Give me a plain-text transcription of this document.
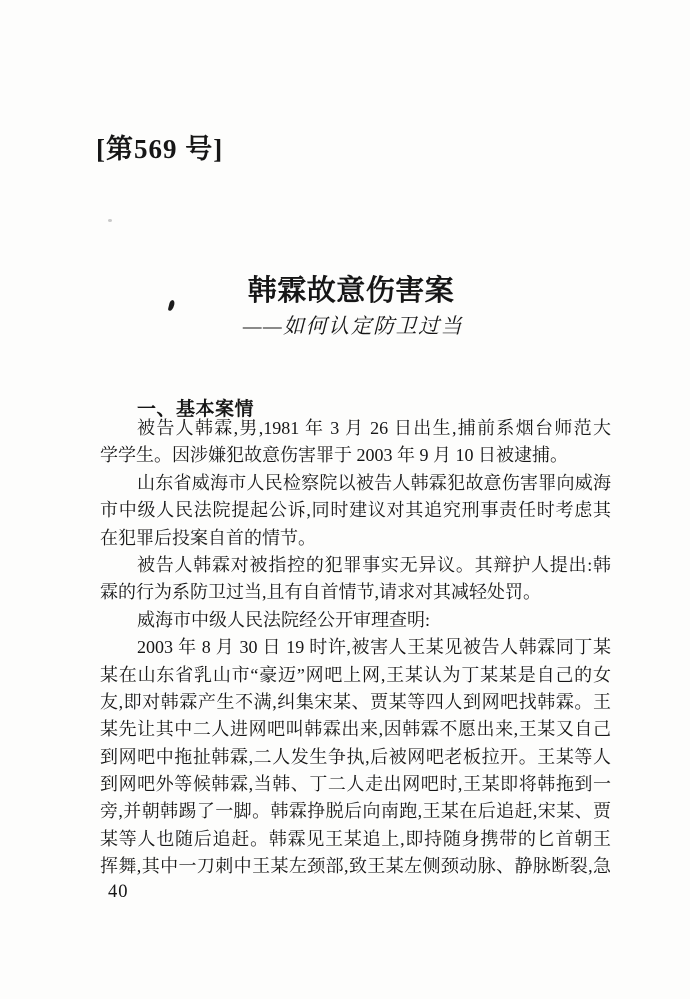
[第569 号]
韩霖故意伤害案
——如何认定防卫过当
一、基本案情
被告人韩霖,男,1981 年 3 月 26 日出生,捕前系烟台师范大
学学生。因涉嫌犯故意伤害罪于 2003 年 9 月 10 日被逮捕。
山东省威海市人民检察院以被告人韩霖犯故意伤害罪向威海
市中级人民法院提起公诉,同时建议对其追究刑事责任时考虑其
在犯罪后投案自首的情节。
被告人韩霖对被指控的犯罪事实无异议。其辩护人提出:韩
霖的行为系防卫过当,且有自首情节,请求对其减轻处罚。
威海市中级人民法院经公开审理查明:
2003 年 8 月 30 日 19 时许,被害人王某见被告人韩霖同丁某
某在山东省乳山市“豪迈”网吧上网,王某认为丁某某是自己的女
友,即对韩霖产生不满,纠集宋某、贾某等四人到网吧找韩霖。王
某先让其中二人进网吧叫韩霖出来,因韩霖不愿出来,王某又自己
到网吧中拖扯韩霖,二人发生争执,后被网吧老板拉开。王某等人
到网吧外等候韩霖,当韩、丁二人走出网吧时,王某即将韩拖到一
旁,并朝韩踢了一脚。韩霖挣脱后向南跑,王某在后追赶,宋某、贾
某等人也随后追赶。韩霖见王某追上,即持随身携带的匕首朝王
挥舞,其中一刀刺中王某左颈部,致王某左侧颈动脉、静脉断裂,急
40
